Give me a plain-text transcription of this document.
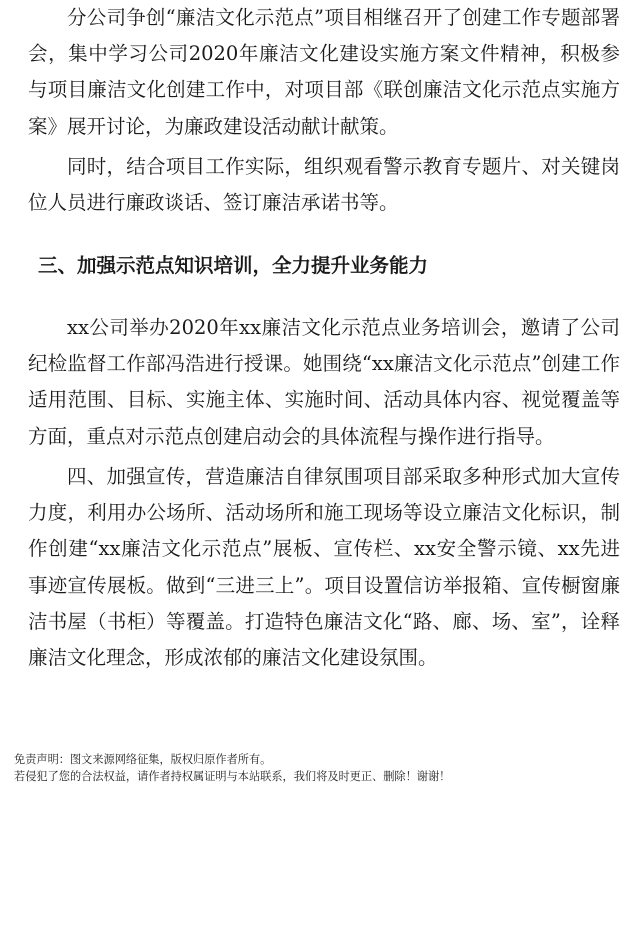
分公司争创“廉洁文化示范点”项目相继召开了创建工作专题部署会，集中学习公司2020年廉洁文化建设实施方案文件精神，积极参与项目廉洁文化创建工作中，对项目部《联创廉洁文化示范点实施方案》展开讨论，为廉政建设活动献计献策。

同时，结合项目工作实际，组织观看警示教育专题片、对关键岗位人员进行廉政谈话、签订廉洁承诺书等。

三、加强示范点知识培训，全力提升业务能力

xx公司举办2020年xx廉洁文化示范点业务培训会，邀请了公司纪检监督工作部冯浩进行授课。她围绕“xx廉洁文化示范点”创建工作适用范围、目标、实施主体、实施时间、活动具体内容、视觉覆盖等方面，重点对示范点创建启动会的具体流程与操作进行指导。

四、加强宣传，营造廉洁自律氛围项目部采取多种形式加大宣传力度，利用办公场所、活动场所和施工现场等设立廉洁文化标识，制作创建“xx廉洁文化示范点”展板、宣传栏、xx安全警示镜、xx先进事迹宣传展板。做到“三进三上”。项目设置信访举报箱、宣传橱窗廉洁书屋（书柜）等覆盖。打造特色廉洁文化“路、廊、场、室”，诠释廉洁文化理念，形成浓郁的廉洁文化建设氛围。

免责声明：图文来源网络征集，版权归原作者所有。
若侵犯了您的合法权益，请作者持权属证明与本站联系，我们将及时更正、删除！谢谢！
